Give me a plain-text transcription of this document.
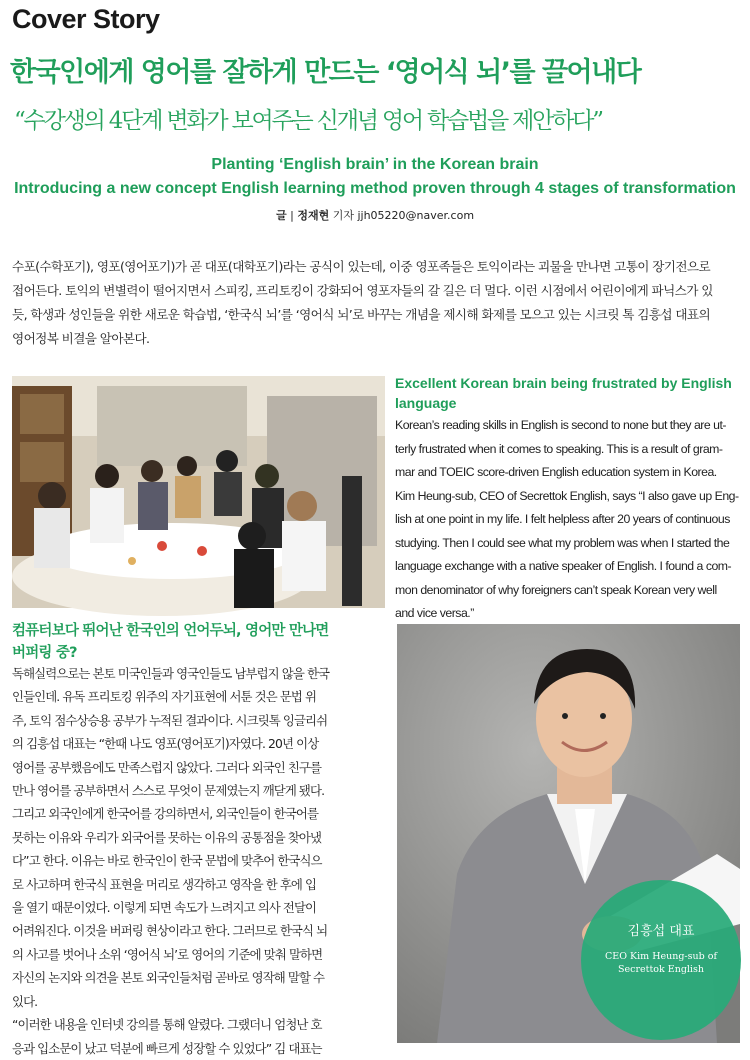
Cover Story
한국인에게 영어를 잘하게 만드는 ‘영어식 뇌’를 끌어내다
“수강생의 4단계 변화가 보여주는 신개념 영어 학습법을 제안하다”
Planting ‘English brain’ in the Korean brain
Introducing a new concept English learning method proven through 4 stages of transformation
글 | 정재현 기자 jjh05220@naver.com
수포(수학포기), 영포(영어포기)가 곧 대포(대학포기)라는 공식이 있는데, 이중 영포족들은 토익이라는 괴물을 만나면 고통이 장기전으로
접어든다. 토익의 변별력이 떨어지면서 스피킹, 프리토킹이 강화되어 영포자들의 갈 길은 더 멀다. 이런 시점에서 어린이에게 파닉스가 있
듯, 학생과 성인들을 위한 새로운 학습법, ‘한국식 뇌’를 ‘영어식 뇌’로 바꾸는 개념을 제시해 화제를 모으고 있는 시크릿 톡 김흥섭 대표의
영어정복 비결을 알아본다.
컴퓨터보다 뛰어난 한국인의 언어두뇌, 영어만 만나면
버퍼링 중?
독해실력으로는 본토 미국인들과 영국인들도 남부럽지 않을 한국
인들인데. 유독 프리토킹 위주의 자기표현에 서툰 것은 문법 위
주, 토익 점수상승용 공부가 누적된 결과이다. 시크릿톡 잉글리쉬
의 김흥섭 대표는 “한때 나도 영포(영어포기)자였다. 20년 이상
영어를 공부했음에도 만족스럽지 않았다. 그러다 외국인 친구를
만나 영어를 공부하면서 스스로 무엇이 문제였는지 깨닫게 됐다.
그리고 외국인에게 한국어를 강의하면서, 외국인들이 한국어를
못하는 이유와 우리가 외국어를 못하는 이유의 공통점을 찾아냈
다”고 한다. 이유는 바로 한국인이 한국 문법에 맞추어 한국식으
로 사고하며 한국식 표현을 머리로 생각하고 영작을 한 후에 입
을 열기 때문이었다. 이렇게 되면 속도가 느려지고 의사 전달이
어려워진다. 이것을 버퍼링 현상이라고 한다. 그러므로 한국식 뇌
의 사고를 벗어나 소위 ‘영어식 뇌’로 영어의 기준에 맞춰 말하면
자신의 논지와 의견을 본토 외국인들처럼 곧바로 영작해 말할 수
있다.
“이러한 내용을 인터넷 강의를 통해 알렸다. 그랬더니 엄청난 호
응과 입소문이 났고 덕분에 빠르게 성장할 수 있었다” 김 대표는
Excellent Korean brain being frustrated by English
language
Korean’s reading skills in English is second to none but they are ut-
terly frustrated when it comes to speaking. This is a result of gram-
mar and TOEIC score-driven English education system in Korea.
Kim Heung-sub, CEO of Secrettok English, says “I also gave up Eng-
lish at one point in my life. I felt helpless after 20 years of continuous
studying. Then I could see what my problem was when I started the
language exchange with a native speaker of English. I found a com-
mon denominator of why foreigners can’t speak Korean very well
and vice versa.”
김흥섭 대표
CEO Kim Heung-sub of
Secrettok English
